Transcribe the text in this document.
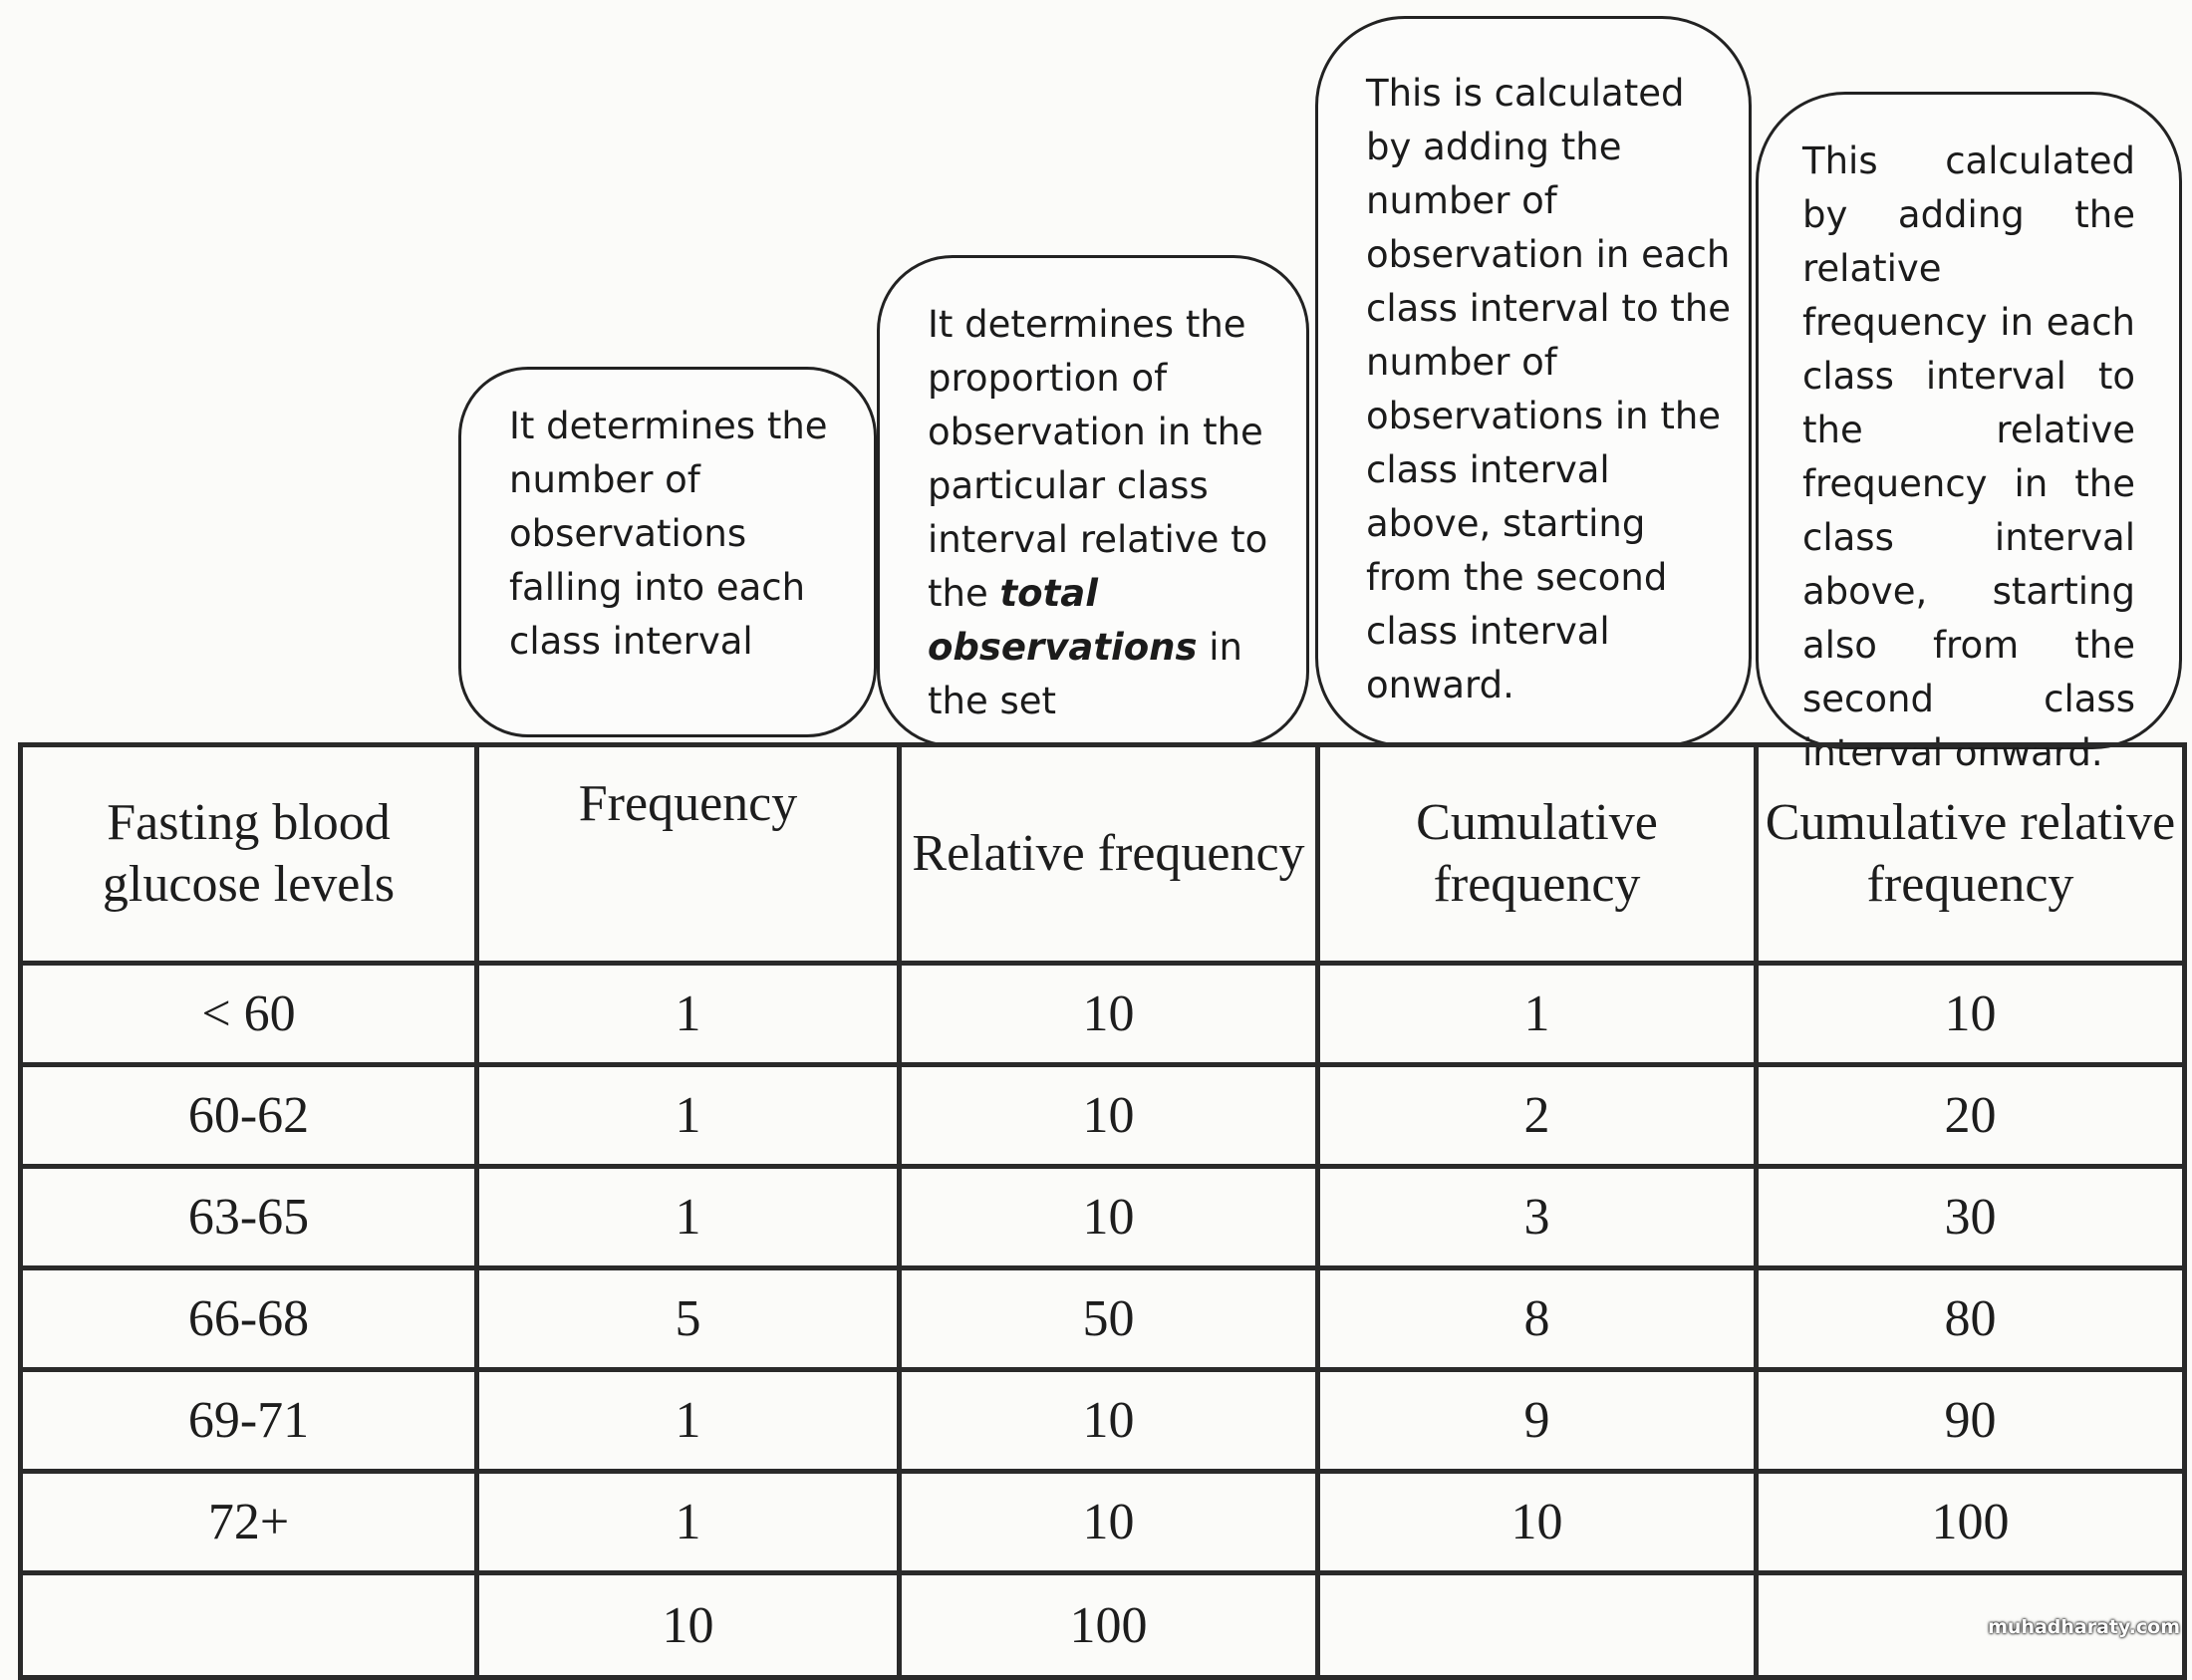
It determines the number of observations falling into each class interval
It determines the proportion of observation in the particular class interval relative to the total observations in the set
This is calculated by adding the number of observation in each class interval to the number of observations in the class interval above, starting from the second class interval onward.

This calculated by adding the relative frequency in each class interval to the relative frequency in the class interval above, starting also from the second class interval onward.

Fasting blood glucose levels	Frequency	Relative frequency	Cumulative frequency	Cumulative relative frequency
< 60	1	10	1	10
60-62	1	10	2	20
63-65	1	10	3	30
66-68	5	50	8	80
69-71	1	10	9	90
72+	1	10	10	100
	10	100			muhadharaty.com
